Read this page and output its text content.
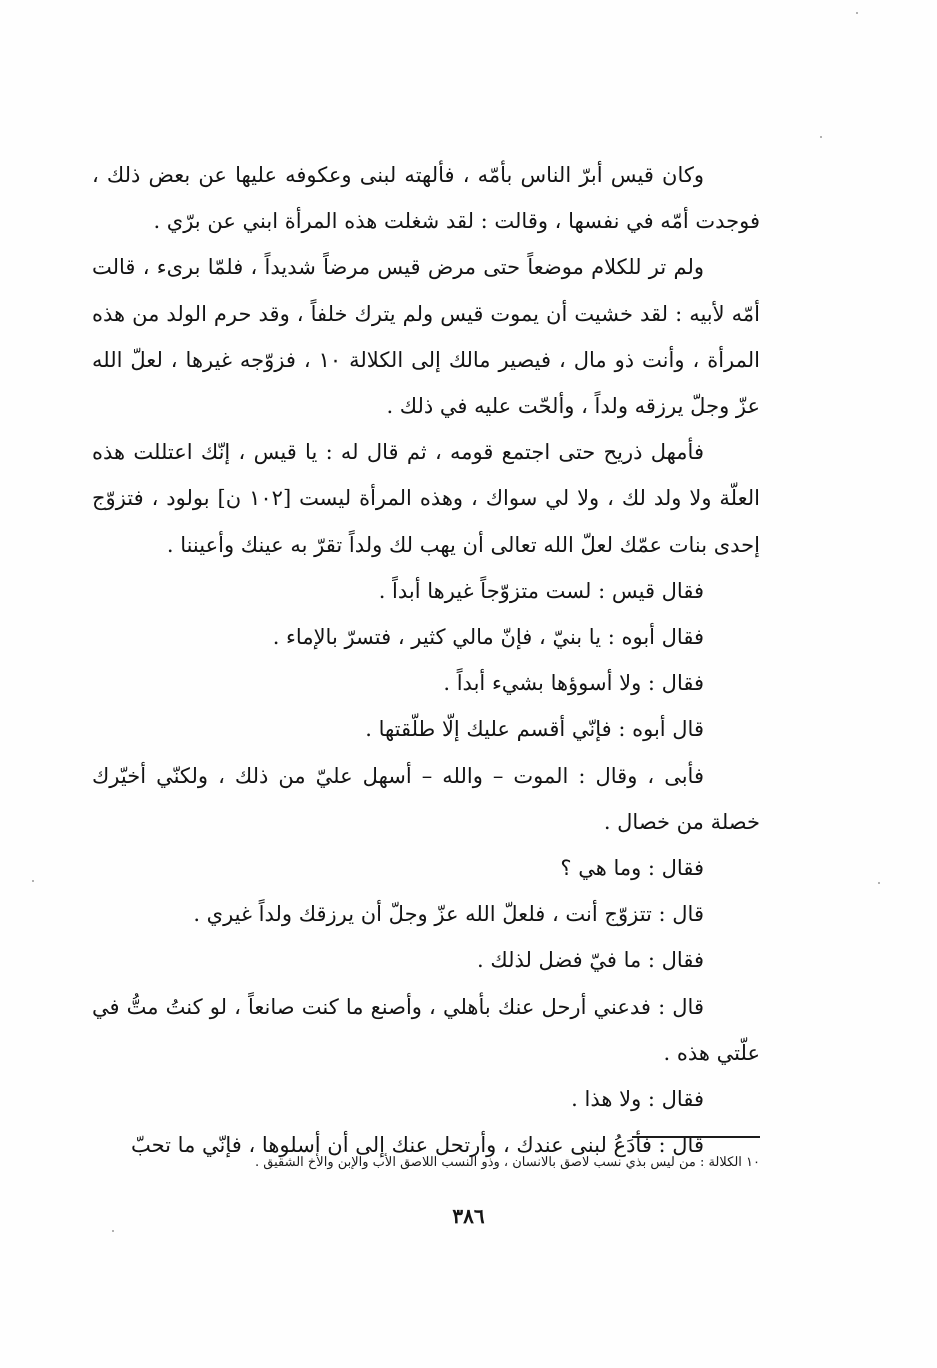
وكان قيس أبرّ الناس بأمّه ، فألهته لبنى وعكوفه عليها عن بعض ذلك ، فوجدت أمّه في نفسها ، وقالت : لقد شغلت هذه المرأة ابني عن برّي .

ولم تر للكلام موضعاً حتى مرض قيس مرضاً شديداً ، فلمّا برىء ، قالت أمّه لأبيه : لقد خشيت أن يموت قيس ولم يترك خلفاً ، وقد حرم الولد من هذه المرأة ، وأنت ذو مال ، فيصير مالك إلى الكلالة ١٠ ، فزوّجه غيرها ، لعلّ الله عزّ وجلّ يرزقه ولداً ، وألحّت عليه في ذلك .

فأمهل ذريح حتى اجتمع قومه ، ثم قال له : يا قيس ، إنّك اعتللت هذه العلّة ولا ولد لك ، ولا لي سواك ، وهذه المرأة ليست [١٠٢ ن] بولود ، فتزوّج إحدى بنات عمّك لعلّ الله تعالى أن يهب لك ولداً تقرّ به عينك وأعيننا .

فقال قيس : لست متزوّجاً غيرها أبداً .

فقال أبوه : يا بنيّ ، فإنّ مالي كثير ، فتسرّ بالإماء .

فقال : ولا أسوؤها بشيء أبداً .

قال أبوه : فإنّي أقسم عليك إلّا طلّقتها .

فأبى ، وقال : الموت – والله – أسهل عليّ من ذلك ، ولكنّي أخيّرك خصلة من خصال .

فقال : وما هي ؟

قال : تتزوّج أنت ، فلعلّ الله عزّ وجلّ أن يرزقك ولداً غيري .

فقال : ما فيّ فضل لذلك .

قال : فدعني أرحل عنك بأهلي ، وأصنع ما كنت صانعاً ، لو كنتُ متُّ في علّتي هذه .

فقال : ولا هذا .

قال : فأدَعُ لبنى عندك ، وأرتحل عنك إلى أن أسلوها ، فإنّي ما تحبّ

١٠ الكلالة : من ليس بذي نسب لاصق بالانسان ، وذو النسب اللاصق الأب والإبن والأخ الشقيق .
٣٨٦
